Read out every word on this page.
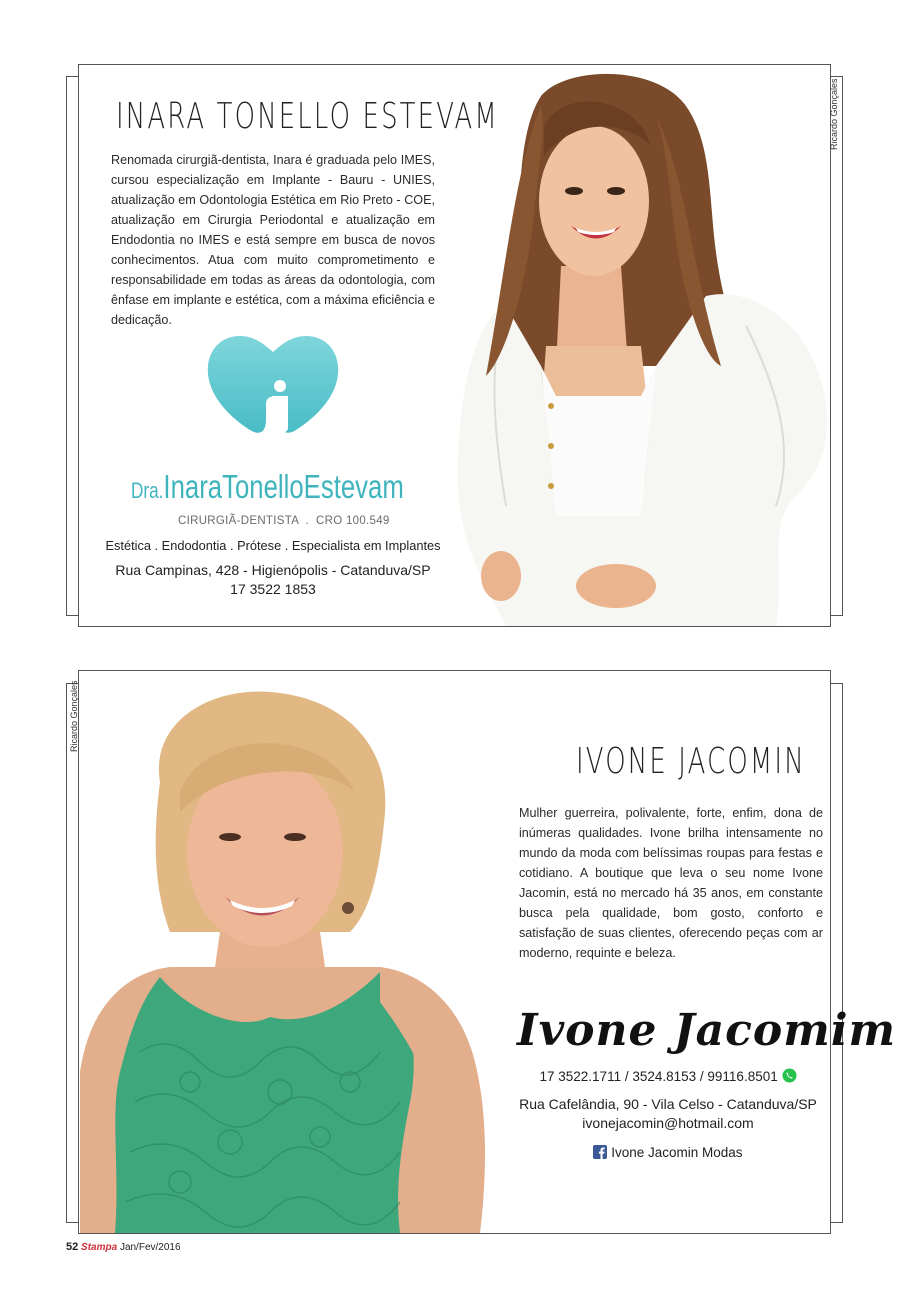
INARA TONELLO ESTEVAM
Renomada cirurgiã-dentista, Inara é graduada pelo IMES, cursou especialização em Implante - Bauru - UNIES, atualização em Odontologia Estética em Rio Preto - COE, atualização em Cirurgia Periodontal e atualização em Endodontia no IMES e está sempre em busca de novos conhecimentos. Atua com muito comprometimento e responsabilidade em todas as áreas da odontologia, com ênfase em implante e estética, com a máxima eficiência e dedicação.
Dra.InaraTonelloEstevam
CIRURGIÃ-DENTISTA  .  CRO 100.549
Estética . Endodontia . Prótese . Especialista em Implantes
Rua Campinas, 428 - Higienópolis - Catanduva/SP
17 3522 1853
Ricardo Gonçales
Ricardo Gonçales
IVONE JACOMIN
Mulher guerreira, polivalente, forte, enfim, dona de inúmeras qualidades. Ivone brilha intensamente no mundo da moda com belíssimas roupas para festas e cotidiano. A boutique que leva o seu nome Ivone Jacomin, está no mercado há 35 anos, em constante busca pela qualidade, bom gosto, conforto e satisfação de suas clientes, oferecendo peças com ar moderno, requinte e beleza.
Ivone Jacomim
17 3522.1711 / 3524.8153 / 99116.8501
Rua Cafelândia, 90 - Vila Celso - Catanduva/SP
ivonejacomin@hotmail.com
Ivone Jacomin Modas
52 Stampa Jan/Fev/2016
